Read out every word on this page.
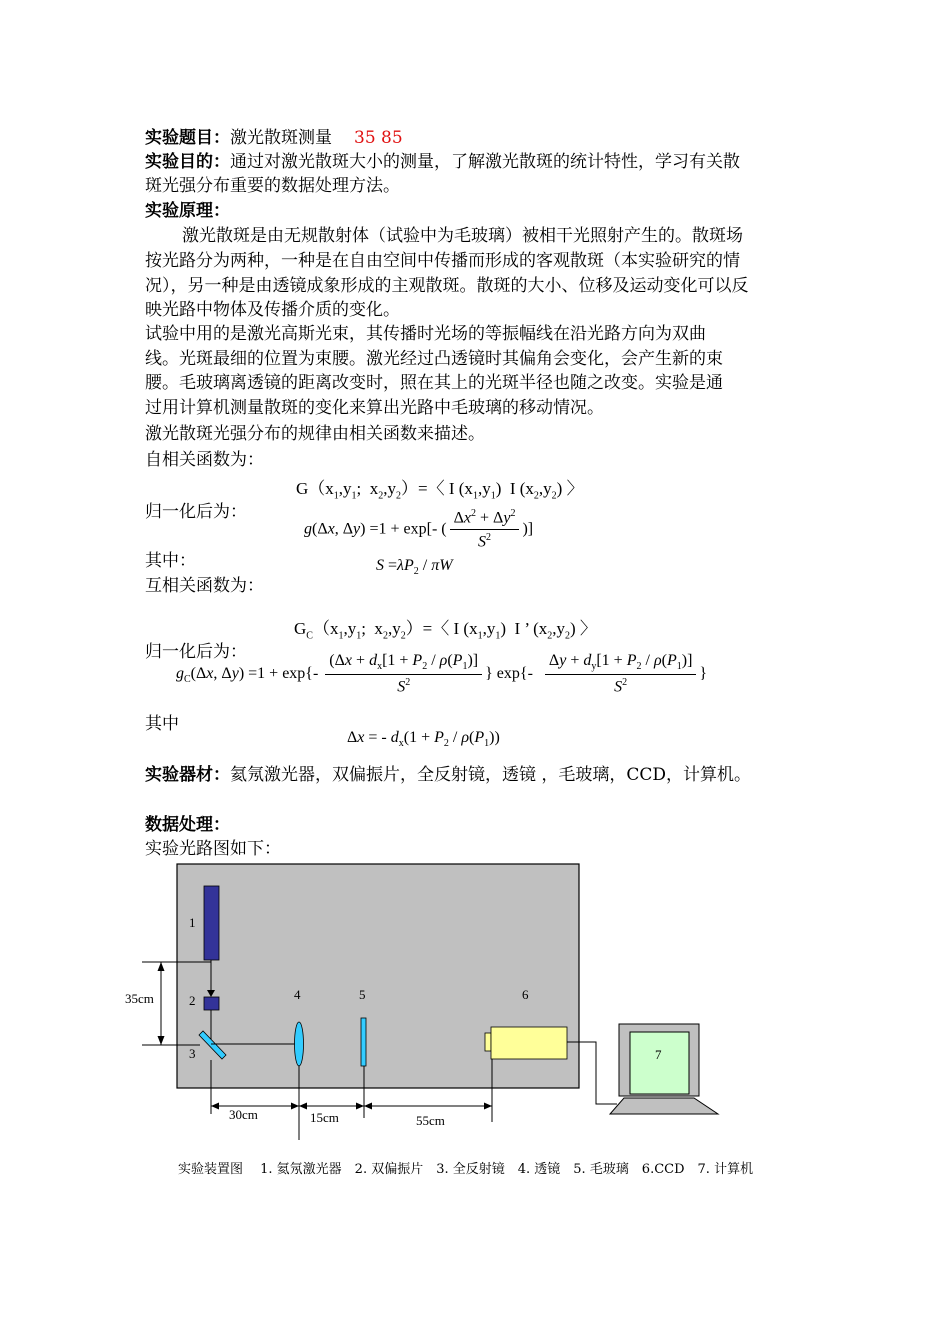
实验题目：激光散斑测量 35 85
实验目的：通过对激光散斑大小的测量，了解激光散斑的统计特性，学习有关散
斑光强分布重要的数据处理方法。
实验原理：
激光散斑是由无规散射体（试验中为毛玻璃）被相干光照射产生的。散斑场
按光路分为两种，一种是在自由空间中传播而形成的客观散斑（本实验研究的情
况），另一种是由透镜成象形成的主观散斑。散斑的大小、位移及运动变化可以反
映光路中物体及传播介质的变化。
试验中用的是激光高斯光束，其传播时光场的等振幅线在沿光路方向为双曲
线。光斑最细的位置为束腰。激光经过凸透镜时其偏角会变化，会产生新的束
腰。毛玻璃离透镜的距离改变时，照在其上的光斑半径也随之改变。实验是通
过用计算机测量散斑的变化来算出光路中毛玻璃的移动情况。
激光散斑光强分布的规律由相关函数来描述。
自相关函数为：
$G(x_1,y_1$;  $x_2,y_2)=$〈 I $(x_1,y_1)$  I $(x_2,y_2)$ 〉
归一化后为：
g(Δx, Δy) =1 + exp[- ( $\frac{\Delta x^2 + \Delta y^2}{S^2}$ )]
其中：	$S =\lambda P_2 / \pi W$
互相关函数为：
$G_C(x_1,y_1$;  $x_2,y_2)=$〈 I $(x_1,y_1)$  I ’ $(x_2,y_2)$ 〉
归一化后为：
$g_C(\Delta x$, $\Delta y) =1 + \exp\{- \frac{(\Delta x + d_x[1 + P_2 / \rho(P_1)]}{S^2}$ } $\exp\{- \frac{\Delta y + d_y[1 + P_2 / \rho(P_1)]}{S^2}$ }
其中
Δx = - $d_x(1 + P_2 / \rho(P_1))$
实验器材：氦氖激光器，双偏振片，全反射镜，透镜 ，毛玻璃，CCD，计算机。
数据处理：
实验光路图如下：
1
2
3
4	5	6
7
35cm
30cm	15cm	55cm
实验装置图　 1. 氦氖激光器　2. 双偏振片　3. 全反射镜　4. 透镜　5. 毛玻璃　6.CCD　7. 计算机
